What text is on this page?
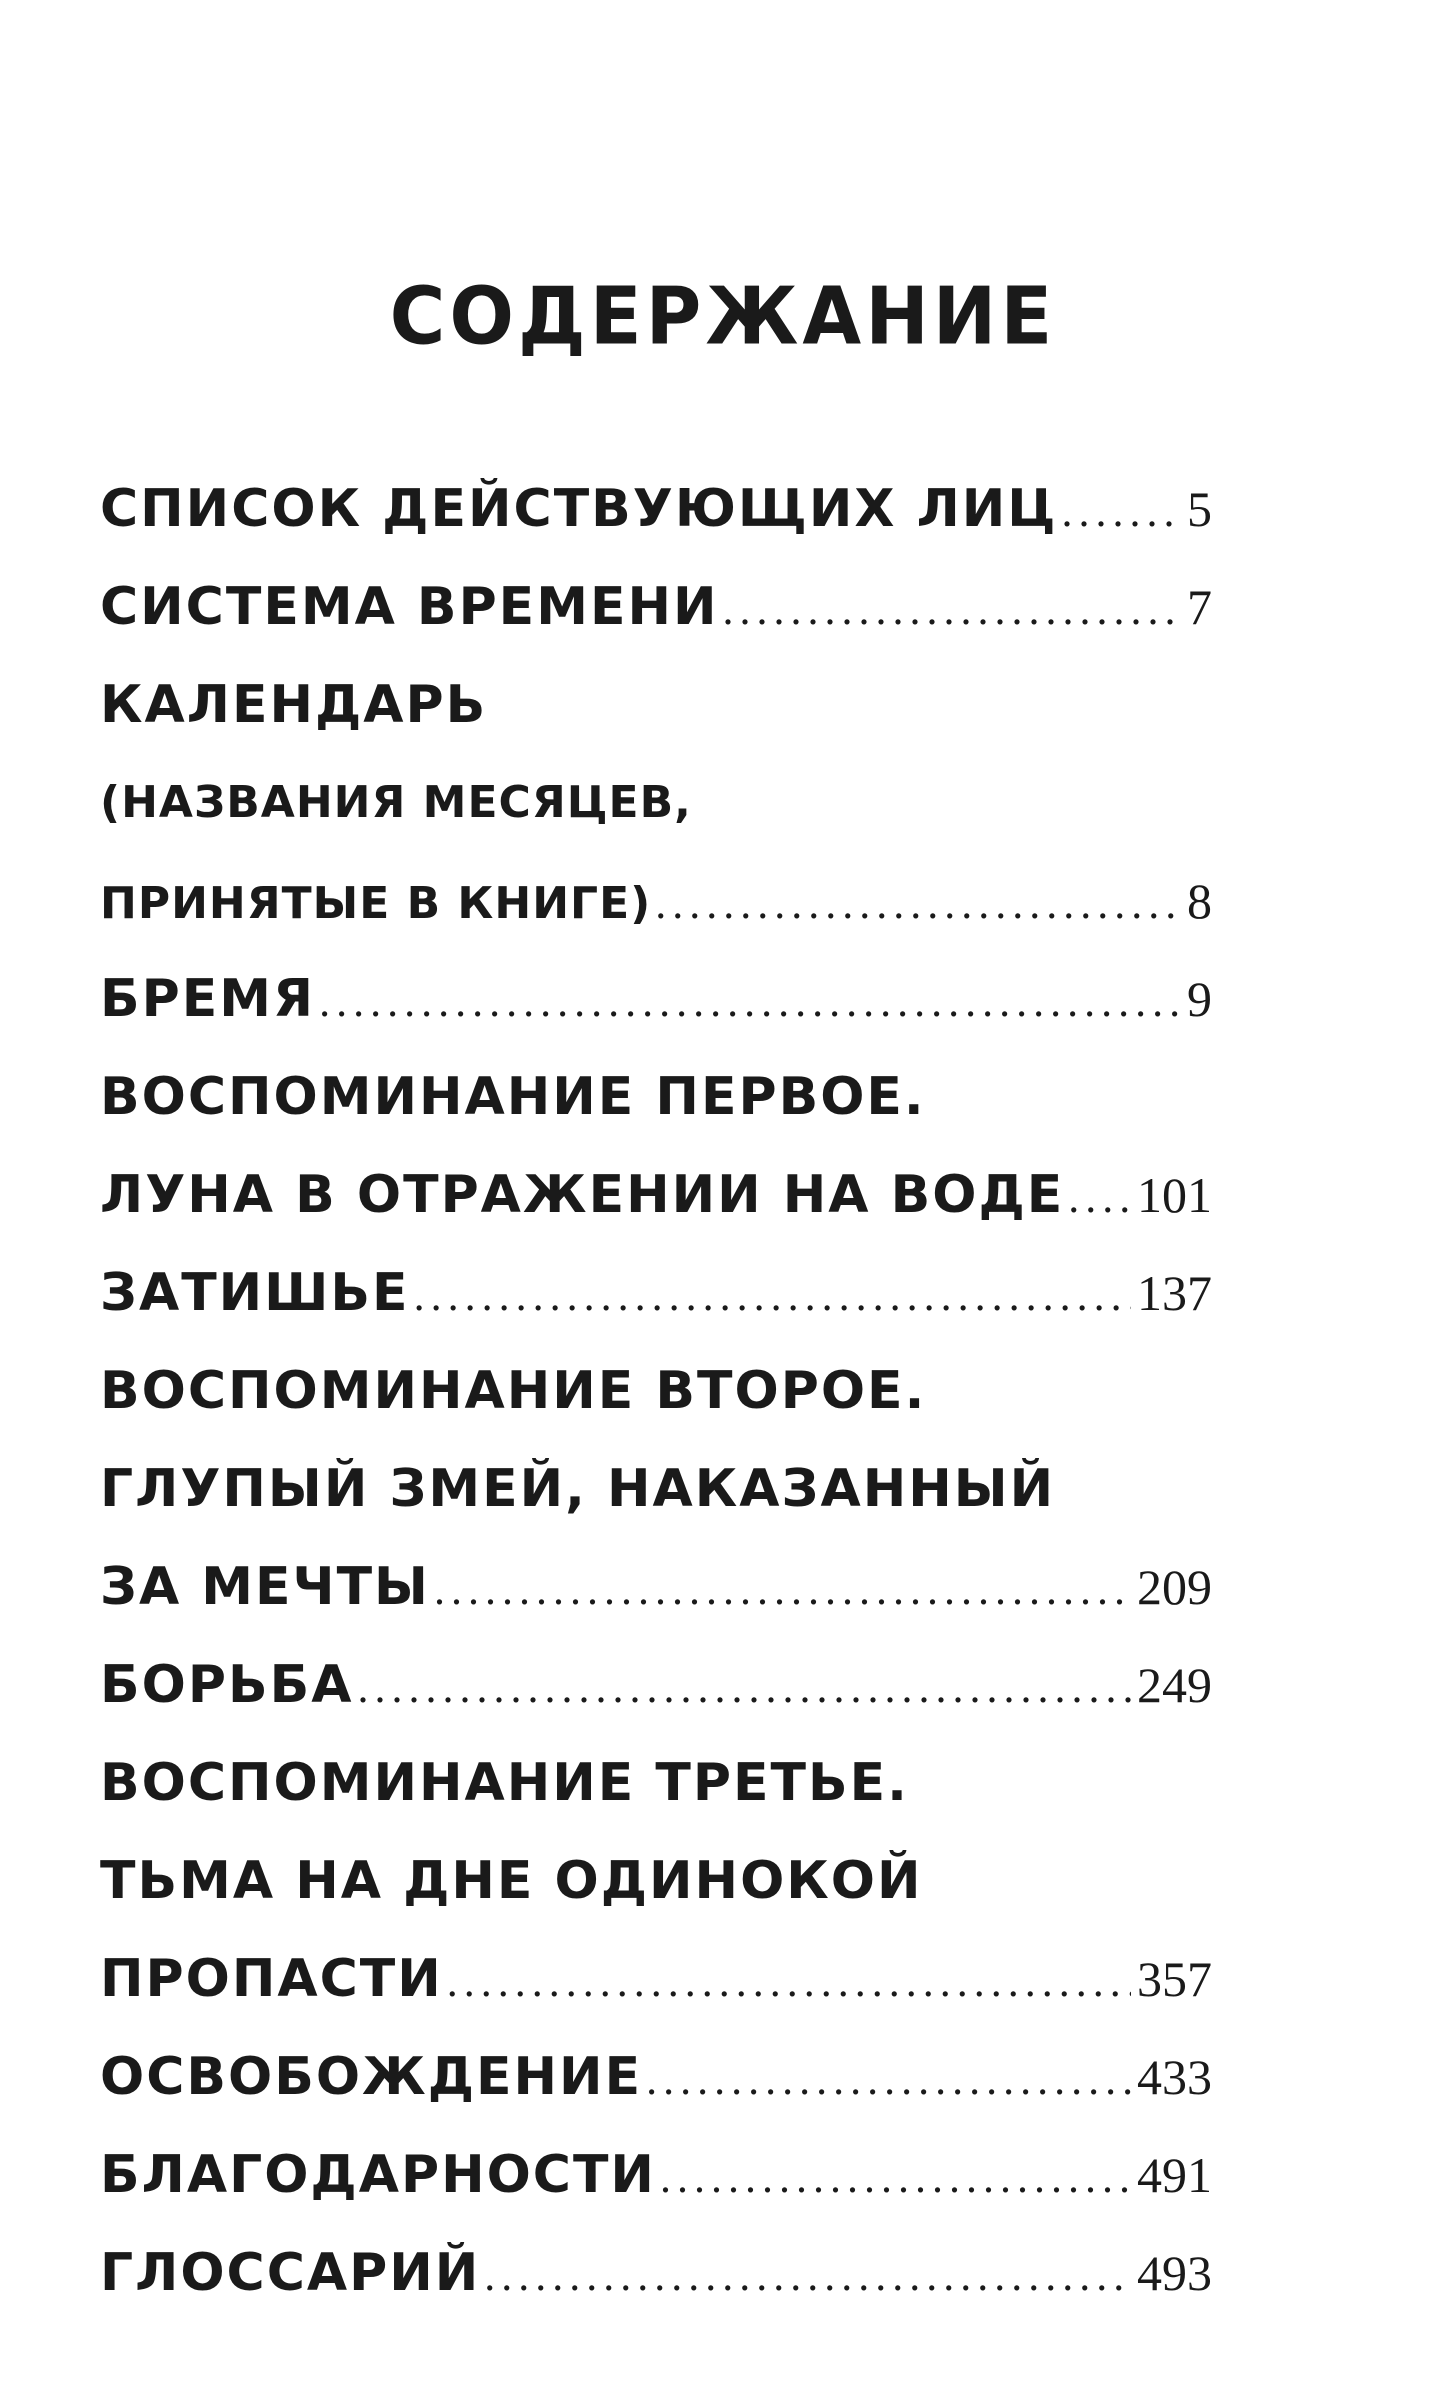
СОДЕРЖАНИЕ
СПИСОК ДЕЙСТВУЮЩИХ ЛИЦ .....	5
СИСТЕМА ВРЕМЕНИ .....	7
КАЛЕНДАРЬ
(НАЗВАНИЯ МЕСЯЦЕВ,
ПРИНЯТЫЕ В КНИГЕ) .....	8
БРЕМЯ .....	9
ВОСПОМИНАНИЕ ПЕРВОЕ.
ЛУНА В ОТРАЖЕНИИ НА ВОДЕ ..... 101
ЗАТИШЬЕ .....	137
ВОСПОМИНАНИЕ ВТОРОЕ.
ГЛУПЫЙ ЗМЕЙ, НАКАЗАННЫЙ
ЗА МЕЧТЫ .....	209
БОРЬБА .....	249
ВОСПОМИНАНИЕ ТРЕТЬЕ.
ТЬМА НА ДНЕ ОДИНОКОЙ
ПРОПАСТИ .....	357
ОСВОБОЖДЕНИЕ .....	433
БЛАГОДАРНОСТИ .....	491
ГЛОССАРИЙ .....	493
